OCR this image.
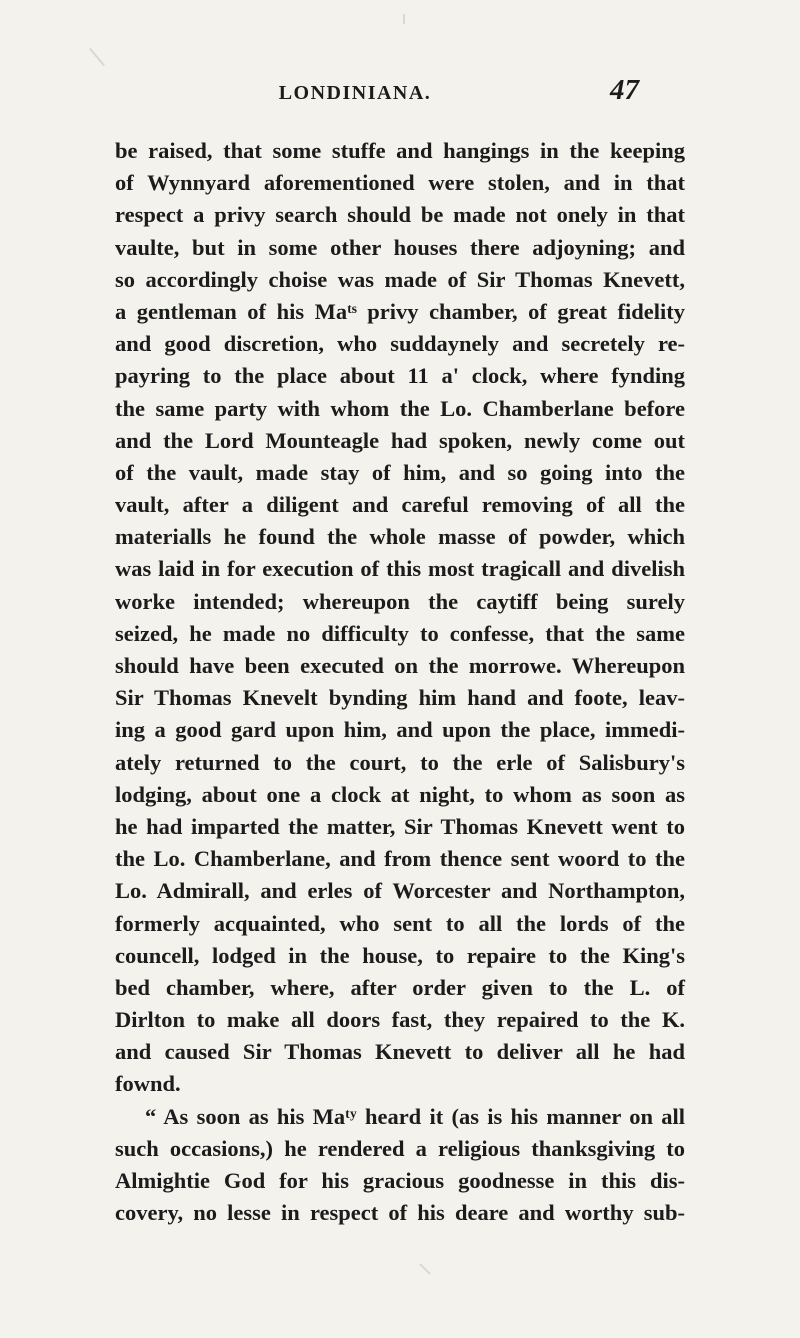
LONDINIANA.	47
be raised, that some stuffe and hangings in the keeping
of Wynnyard aforementioned were stolen, and in that
respect a privy search should be made not onely in that
vaulte, but in some other houses there adjoyning; and
so accordingly choise was made of Sir Thomas Knevett,
a gentleman of his Maᵗˢ privy chamber, of great fidelity
and good discretion, who suddaynely and secretely re-
payring to the place about 11 a' clock, where fynding
the same party with whom the Lo. Chamberlane before
and the Lord Mounteagle had spoken, newly come out
of the vault, made stay of him, and so going into the
vault, after a diligent and careful removing of all the
materialls he found the whole masse of powder, which
was laid in for execution of this most tragicall and divelish
worke intended; whereupon the caytiff being surely
seized, he made no difficulty to confesse, that the same
should have been executed on the morrowe. Whereupon
Sir Thomas Knevelt bynding him hand and foote, leav-
ing a good gard upon him, and upon the place, immedi-
ately returned to the court, to the erle of Salisbury's
lodging, about one a clock at night, to whom as soon as
he had imparted the matter, Sir Thomas Knevett went to
the Lo. Chamberlane, and from thence sent woord to the
Lo. Admirall, and erles of Worcester and Northampton,
formerly acquainted, who sent to all the lords of the
councell, lodged in the house, to repaire to the King's
bed chamber, where, after order given to the L. of
Dirlton to make all doors fast, they repaired to the K.
and caused Sir Thomas Knevett to deliver all he had
fownd.
“ As soon as his Maᵗʸ heard it (as is his manner on all
such occasions,) he rendered a religious thanksgiving to
Almightie God for his gracious goodnesse in this dis-
covery, no lesse in respect of his deare and worthy sub-
